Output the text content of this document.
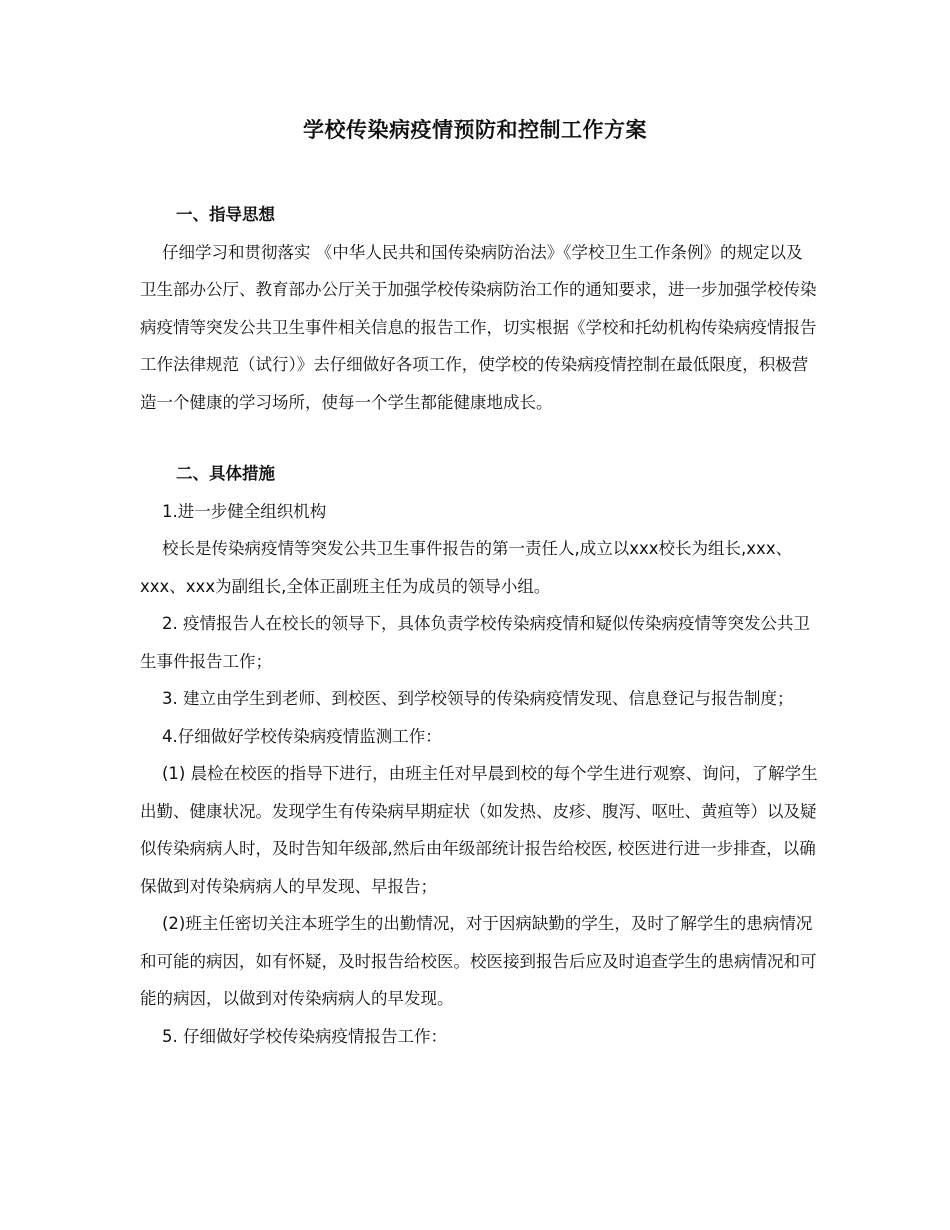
学校传染病疫情预防和控制工作方案

一、指导思想

仔细学习和贯彻落实 《中华人民共和国传染病防治法》《学校卫生工作条例》的规定以及卫生部办公厅、教育部办公厅关于加强学校传染病防治工作的通知要求，进一步加强学校传染病疫情等突发公共卫生事件相关信息的报告工作，切实根据《学校和托幼机构传染病疫情报告工作法律规范（试行）》去仔细做好各项工作，使学校的传染病疫情控制在最低限度，积极营造一个健康的学习场所，使每一个学生都能健康地成长。

二、具体措施

1.进一步健全组织机构

校长是传染病疫情等突发公共卫生事件报告的第一责任人,成立以xxx校长为组长,xxx、xxx、xxx为副组长,全体正副班主任为成员的领导小组。

2. 疫情报告人在校长的领导下，具体负责学校传染病疫情和疑似传染病疫情等突发公共卫生事件报告工作；

3. 建立由学生到老师、到校医、到学校领导的传染病疫情发现、信息登记与报告制度；

4.仔细做好学校传染病疫情监测工作：

(1) 晨检在校医的指导下进行，由班主任对早晨到校的每个学生进行观察、询问，了解学生出勤、健康状况。发现学生有传染病早期症状（如发热、皮疹、腹泻、呕吐、黄疸等）以及疑似传染病病人时，及时告知年级部,然后由年级部统计报告给校医, 校医进行进一步排查，以确保做到对传染病病人的早发现、早报告；

(2)班主任密切关注本班学生的出勤情况，对于因病缺勤的学生，及时了解学生的患病情况和可能的病因，如有怀疑，及时报告给校医。校医接到报告后应及时追查学生的患病情况和可能的病因，以做到对传染病病人的早发现。

5. 仔细做好学校传染病疫情报告工作：
